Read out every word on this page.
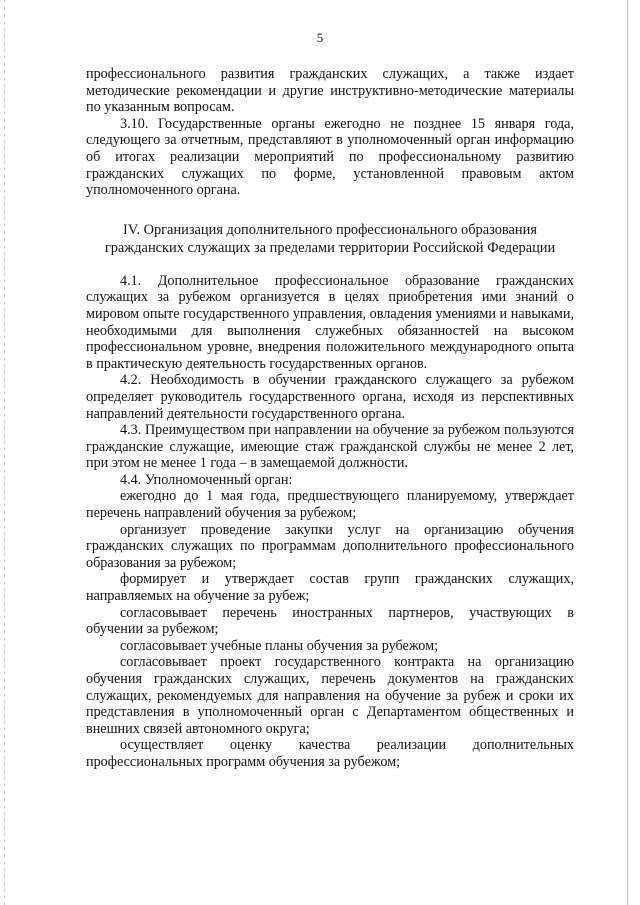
5

профессионального развития гражданских служащих, а также издает методические рекомендации и другие инструктивно-методические материалы по указанным вопросам.

3.10. Государственные органы ежегодно не позднее 15 января года, следующего за отчетным, представляют в уполномоченный орган информацию об итогах реализации мероприятий по профессиональному развитию гражданских служащих по форме, установленной правовым актом уполномоченного органа.

IV. Организация дополнительного профессионального образования
гражданских служащих за пределами территории Российской Федерации

4.1. Дополнительное профессиональное образование гражданских служащих за рубежом организуется в целях приобретения ими знаний о мировом опыте государственного управления, овладения умениями и навыками, необходимыми для выполнения служебных обязанностей на высоком профессиональном уровне, внедрения положительного международного опыта в практическую деятельность государственных органов.

4.2. Необходимость в обучении гражданского служащего за рубежом определяет руководитель государственного органа, исходя из перспективных направлений деятельности государственного органа.

4.3. Преимуществом при направлении на обучение за рубежом пользуются гражданские служащие, имеющие стаж гражданской службы не менее 2 лет, при этом не менее 1 года – в замещаемой должности.

4.4. Уполномоченный орган:

ежегодно до 1 мая года, предшествующего планируемому, утверждает перечень направлений обучения за рубежом;

организует проведение закупки услуг на организацию обучения гражданских служащих по программам дополнительного профессионального образования за рубежом;

формирует и утверждает состав групп гражданских служащих, направляемых на обучение за рубеж;

согласовывает перечень иностранных партнеров, участвующих в обучении за рубежом;

согласовывает учебные планы обучения за рубежом;

согласовывает проект государственного контракта на организацию обучения гражданских служащих, перечень документов на гражданских служащих, рекомендуемых для направления на обучение за рубеж и сроки их представления в уполномоченный орган с Департаментом общественных и внешних связей автономного округа;

осуществляет оценку качества реализации дополнительных профессиональных программ обучения за рубежом;
